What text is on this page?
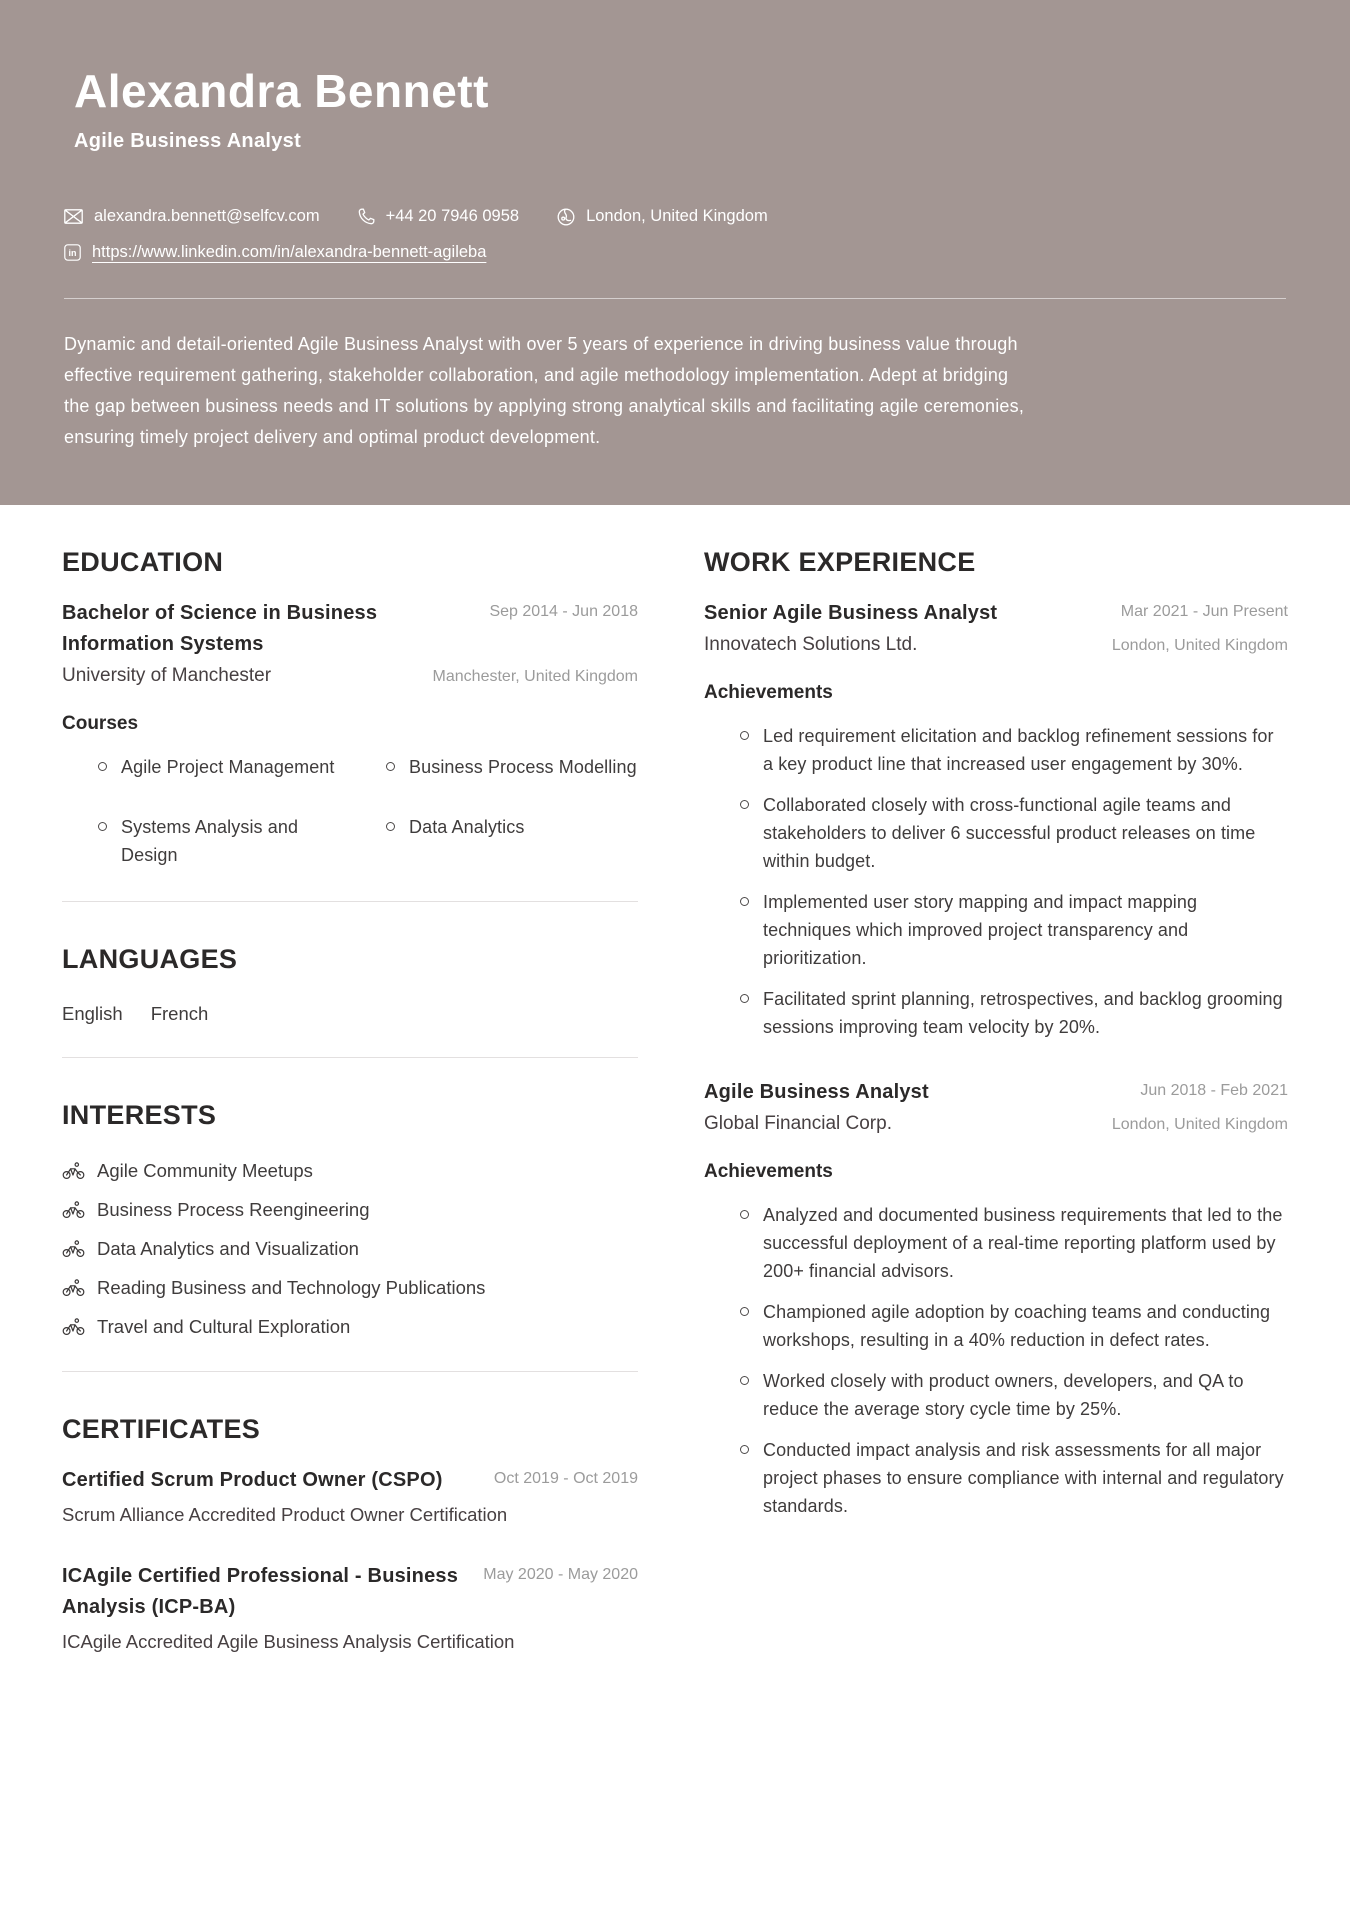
Alexandra Bennett
Agile Business Analyst
alexandra.bennett@selfcv.com	+44 20 7946 0958	London, United Kingdom
in https://www.linkedin.com/in/alexandra-bennett-agileba

Dynamic and detail-oriented Agile Business Analyst with over 5 years of experience in driving business value through effective requirement gathering, stakeholder collaboration, and agile methodology implementation. Adept at bridging the gap between business needs and IT solutions by applying strong analytical skills and facilitating agile ceremonies, ensuring timely project delivery and optimal product development.

EDUCATION
Bachelor of Science in Business Information Systems
Sep 2014 - Jun 2018
University of Manchester	Manchester, United Kingdom
Courses
Agile Project Management	Business Process Modelling
Systems Analysis and Design
Data Analytics
LANGUAGES
English French
INTERESTS
Agile Community Meetups
Business Process Reengineering
Data Analytics and Visualization
Reading Business and Technology Publications
Travel and Cultural Exploration
CERTIFICATES
Certified Scrum Product Owner (CSPO)	Oct 2019 - Oct 2019
Scrum Alliance Accredited Product Owner Certification
ICAgile Certified Professional - Business Analysis (ICP-BA)
May 2020 - May 2020
ICAgile Accredited Agile Business Analysis Certification
WORK EXPERIENCE
Senior Agile Business Analyst	Mar 2021 - Jun Present
Innovatech Solutions Ltd.	London, United Kingdom
Achievements
Led requirement elicitation and backlog refinement sessions for a key product line that increased user engagement by 30%.
Collaborated closely with cross-functional agile teams and stakeholders to deliver 6 successful product releases on time within budget.
Implemented user story mapping and impact mapping techniques which improved project transparency and prioritization.
Facilitated sprint planning, retrospectives, and backlog grooming sessions improving team velocity by 20%.
Agile Business Analyst	Jun 2018 - Feb 2021
Global Financial Corp.	London, United Kingdom
Achievements
Analyzed and documented business requirements that led to the successful deployment of a real-time reporting platform used by 200+ financial advisors.
Championed agile adoption by coaching teams and conducting workshops, resulting in a 40% reduction in defect rates.
Worked closely with product owners, developers, and QA to reduce the average story cycle time by 25%.
Conducted impact analysis and risk assessments for all major project phases to ensure compliance with internal and regulatory standards.
